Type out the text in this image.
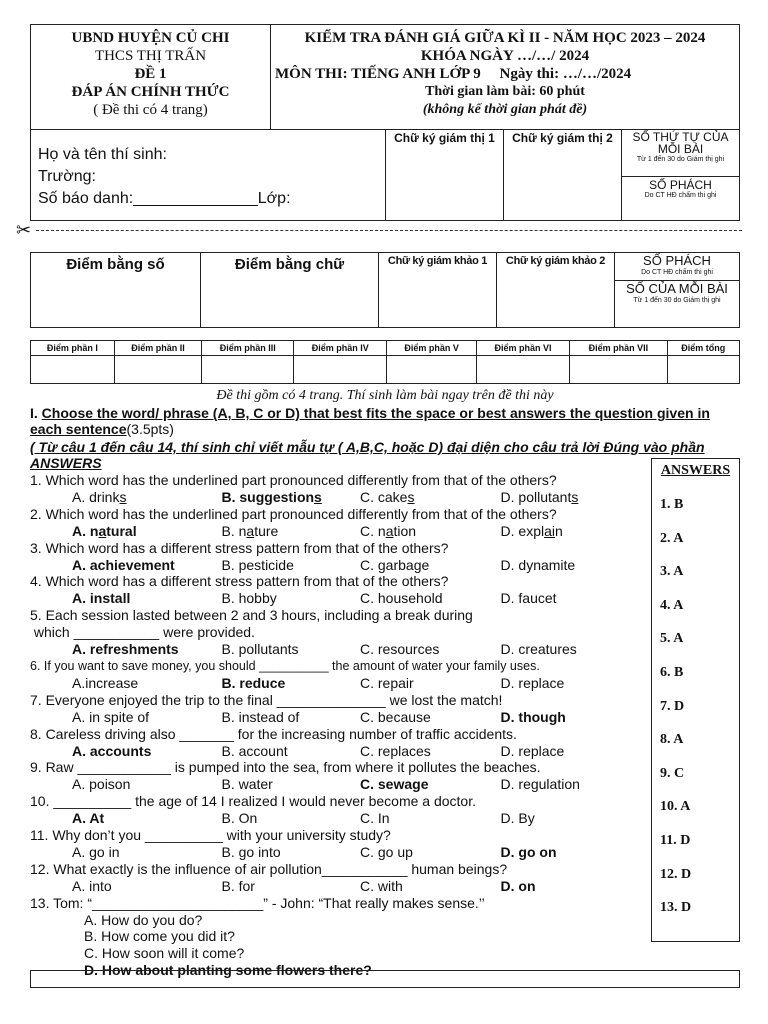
UBND HUYỆN CỦ CHI
THCS THỊ TRẤN
ĐỀ 1
ĐÁP ÁN CHÍNH THỨC
( Đề thi có 4 trang)
KIỂM TRA ĐÁNH GIÁ GIỮA KÌ II - NĂM HỌC 2023 – 2024
KHÓA NGÀY …/…/ 2024
MÔN THI: TIẾNG ANH LỚP 9     Ngày thi: …/…/2024
Thời gian làm bài: 60 phút
(không kể thời gian phát đề)
Họ và tên thí sinh:
Trường:
Số báo danh:______________Lớp:
Chữ ký giám thị 1	Chữ ký giám thị 2	SỐ THỨ TỰ CỦA MỖI BÀI
Từ 1 đến 30 do Giám thị ghi
SỐ PHÁCH
Do CT HĐ chấm thi ghi
✂
Điểm bằng số	Điểm bằng chữ	Chữ ký giám khảo 1	Chữ ký giám khảo 2	SỐ PHÁCH
Do CT HĐ chấm thi ghi
SỐ CỦA MỖI BÀI
Từ 1 đến 30 do Giám thị ghi
Điểm phần I	Điểm phần II	Điểm phần III	Điểm phần IV	Điểm phần V	Điểm phần VI	Điểm phần VII	Điểm tổng

Đề thi gồm có 4 trang. Thí sinh làm bài ngay trên đề thi này
I. Choose the word/ phrase (A, B, C or D) that best fits the space or best answers the question given in each sentence(3.5pts)
( Từ câu 1 đến câu 14, thí sinh chỉ viết mẫu tự ( A,B,C, hoặc D) đại diện cho câu trả lời Đúng vào phần ANSWERS
1. Which word has the underlined part pronounced differently from that of the others?
A. drinks	B. suggestions	C. cakes	D. pollutants
2. Which word has the underlined part pronounced differently from that of the others?
A. natural	B. nature	C. nation	D. explain
3. Which word has a different stress pattern from that of the others?
A. achievement	B. pesticide	C. garbage	D. dynamite
4. Which word has a different stress pattern from that of the others?
A. install	B. hobby	C. household	D. faucet
5. Each session lasted between 2 and 3 hours, including a break during
which ___________ were provided.
A. refreshments	B. pollutants	C. resources	D. creatures
6. If you want to save money, you should __________ the amount of water your family uses.
A.increase	B. reduce	C. repair	D. replace
7. Everyone enjoyed the trip to the final ______________ we lost the match!
A. in spite of	B. instead of	C. because	D. though
8. Careless driving also _______ for the increasing number of traffic accidents.
A. accounts	B. account	C. replaces	D. replace
9. Raw ____________ is pumped into the sea, from where it pollutes the beaches.
A. poison	B. water	C. sewage	D. regulation
10. __________ the age of 14 I realized I would never become a doctor.
A. At	B. On	C. In	D. By
11. Why don’t you __________ with your university study?
A. go in	B. go into	C. go up	D. go on
12. What exactly is the influence of air pollution___________ human beings?
A. into	B. for	C. with	D. on
13. Tom: “______________________” - John: “That really makes sense.’’
A. How do you do?
B. How come you did it?
C. How soon will it come?
D. How about planting some flowers there?
ANSWERS
1. B
2. A
3. A
4. A
5. A
6. B
7. D
8. A
9. C
10. A
11. D
12. D
13. D
